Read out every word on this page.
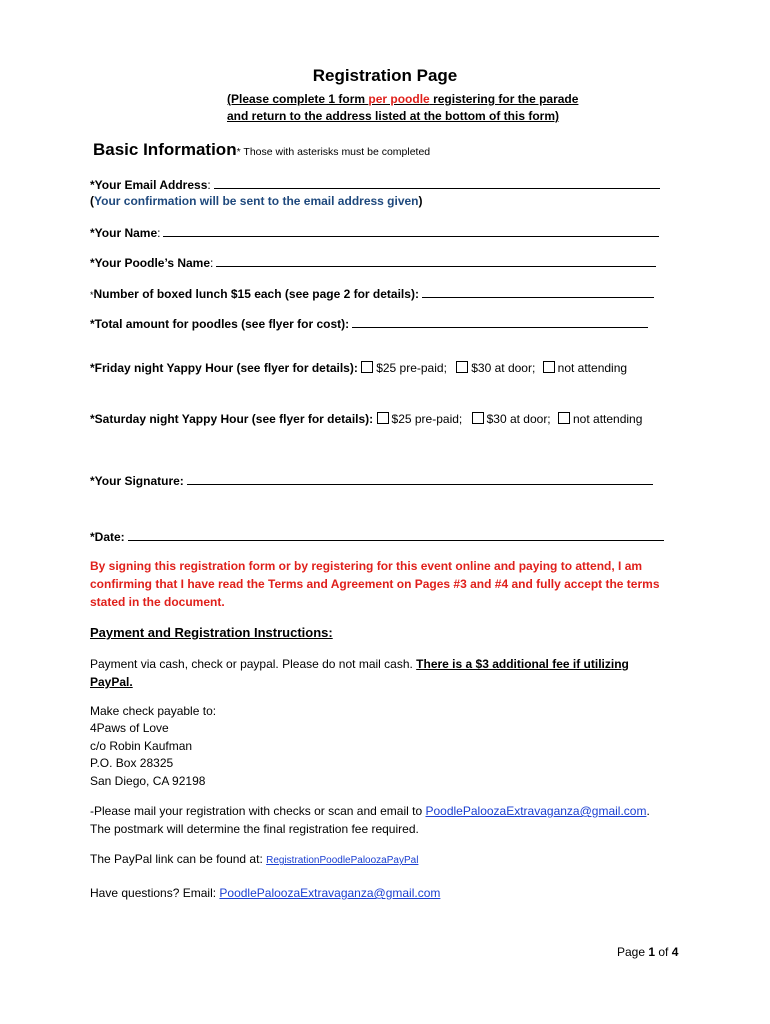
Registration Page
(Please complete 1 form per poodle registering for the parade
and return to the address listed at the bottom of this form)
Basic Information* Those with asterisks must be completed
*Your Email Address:
(Your confirmation will be sent to the email address given)
*Your Name:
*Your Poodle’s Name:
*Number of boxed lunch $15 each (see page 2 for details):
*Total amount for poodles (see flyer for cost):
*Friday night Yappy Hour (see flyer for details): $25 pre-paid; $30 at door; not attending
*Saturday night Yappy Hour (see flyer for details): $25 pre-paid; $30 at door; not attending
*Your Signature:
*Date:
By signing this registration form or by registering for this event online and paying to attend, I am
confirming that I have read the Terms and Agreement on Pages #3 and #4 and fully accept the terms
stated in the document.
Payment and Registration Instructions:
Payment via cash, check or paypal. Please do not mail cash. There is a $3 additional fee if utilizing
PayPal.
Make check payable to:
4Paws of Love
c/o Robin Kaufman
P.O. Box 28325
San Diego, CA 92198
-Please mail your registration with checks or scan and email to PoodlePaloozaExtravaganza@gmail.com.
The postmark will determine the final registration fee required.
The PayPal link can be found at: RegistrationPoodlePaloozaPayPal
Have questions? Email: PoodlePaloozaExtravaganza@gmail.com
Page 1 of 4
